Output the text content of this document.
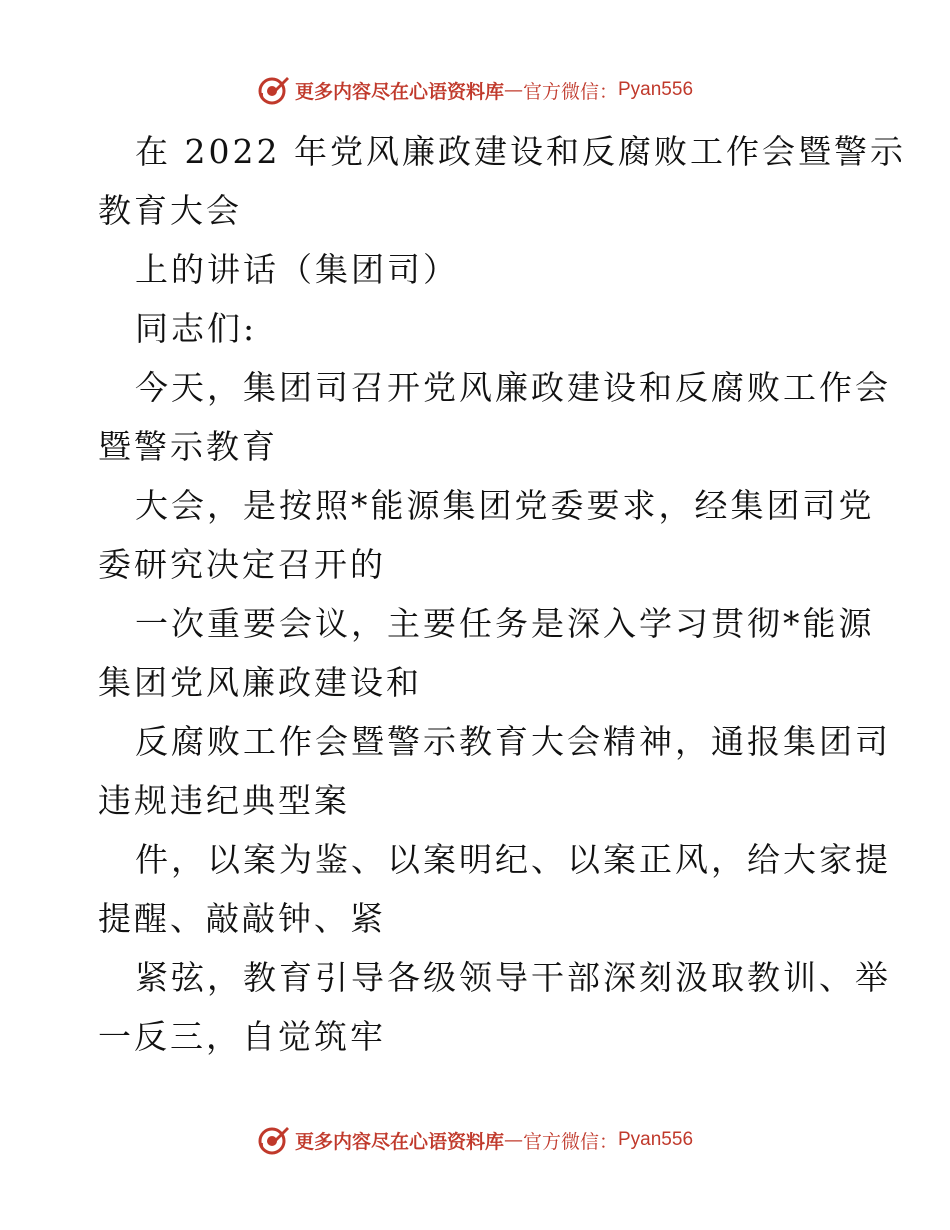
更多内容尽在心语资料库 — 官方微信： Pyan556
在 2022 年党风廉政建设和反腐败工作会暨警示
教育大会
上的讲话（集团司）
同志们:
今天，集团司召开党风廉政建设和反腐败工作会
暨警示教育
大会，是按照*能源集团党委要求，经集团司党
委研究决定召开的
一次重要会议，主要任务是深入学习贯彻*能源
集团党风廉政建设和
反腐败工作会暨警示教育大会精神，通报集团司
违规违纪典型案
件，以案为鉴、以案明纪、以案正风，给大家提
提醒、敲敲钟、紧
紧弦，教育引导各级领导干部深刻汲取教训、举
一反三，自觉筑牢
更多内容尽在心语资料库 — 官方微信： Pyan556
